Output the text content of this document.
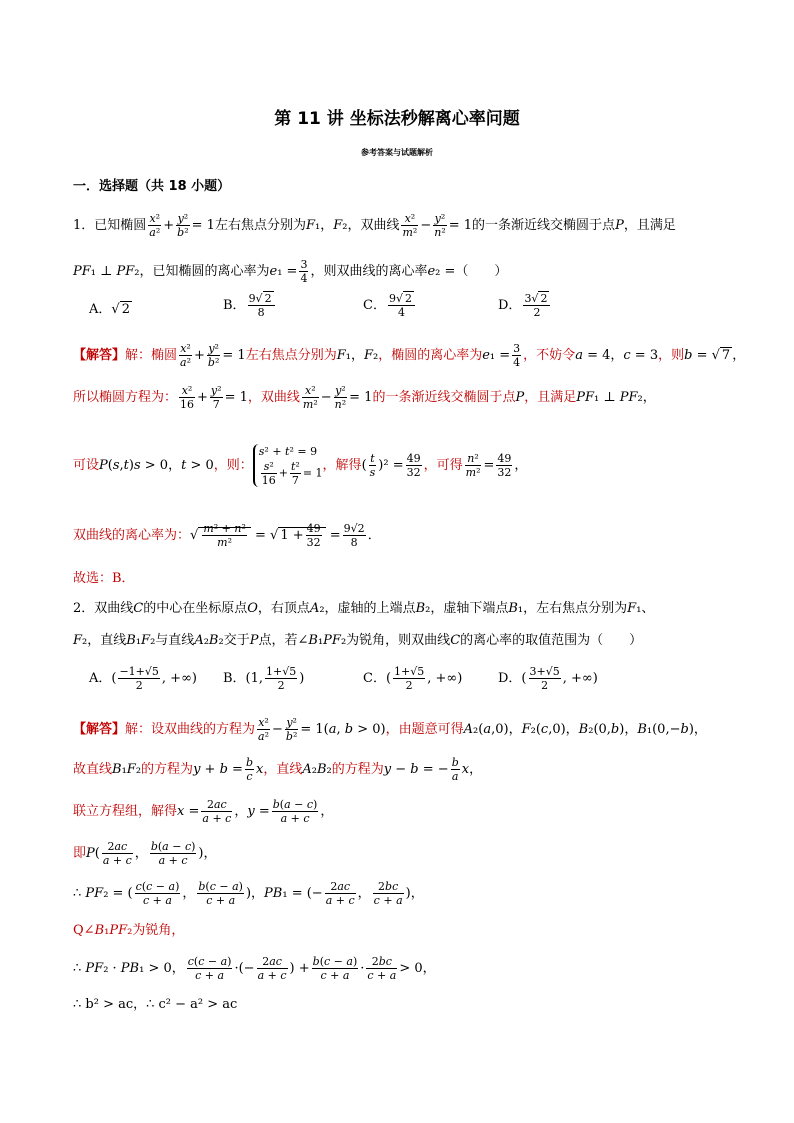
第 11 讲 坐标法秒解离心率问题
参考答案与试题解析
一．选择题（共 18 小题）
1．已知椭圆 $\frac{\text{x²}}{\text{a²}} + \frac{\text{y²}}{\text{b²}} = 1$左右焦点分别为F₁，F₂，双曲线 $\frac{\text{x²}}{\text{m²}} - \frac{\text{y²}}{\text{n²}} = 1$的一条渐近线交椭圆于点P，且满足
PF₁ ⊥ PF₂，已知椭圆的离心率为$e_1 = \frac{3}{4}$ ，则双曲线的离心率e₂ =（　　）
A．√ 2	B． $\frac{9√ 2}{8}$	C． $\frac{9√ 2}{4}$	D． $\frac{3√ 2}{2}$
【解答】解：椭圆 $\frac{\text{x²}}{\text{a²}} + \frac{\text{y²}}{\text{b²}} = 1$左右焦点分别为F₁，F₂，椭圆的离心率为$e_1 = \frac{3}{4}$ ，不妨令a = 4，c = 3，则b = √ 7 ，
所以椭圆方程为： $\frac{\text{x²}}{16} + \frac{\text{y²}}{7} = 1$，双曲线 $\frac{\text{x²}}{\text{m²}} - \frac{\text{y²}}{\text{n²}} = 1$的一条渐近线交椭圆于点P，且满足PF₁ ⊥ PF₂，
可设P(s,t)s > 0，t > 0，则：
s² + t² = 9
$\frac{\text{s²}}{16} + \frac{\text{t²}}{7} = 1$ ，解得( $\frac{t}{s} )^2 = \frac{49}{32}$ ，可得 $\frac{\text{n²}}{\text{m²}} = \frac{49}{32}$ ，
双曲线的离心率为：√ $\frac{\text{m² + n²}}{\text{m²}}$ = √ $1 + \frac{49}{32} = \frac{9√2}{8}$ ．
故选：B．
2．双曲线C的中心在坐标原点O，右顶点A₂，虚轴的上端点B₂，虚轴下端点B₁，左右焦点分别为F₁、
F₂，直线B₁F₂与直线A₂B₂交于P点，若∠B₁PF₂为锐角，则双曲线C的离心率的取值范围为（　　）
A．( $\frac{-1+√5}{2}$ , +∞) B．(1, $\frac{1+√5}{2}$ )	C．( $\frac{1+√5}{2}$ , +∞)	D．( $\frac{3+√5}{2}$ , +∞)
【解答】解：设双曲线的方程为 $\frac{\text{x²}}{\text{a²}} - \frac{\text{y²}}{\text{b²}} = 1(a$, b > 0)，由题意可得A₂(a,0)，F₂(c,0)，B₂(0,b)，B₁(0,−b)，
故直线B₁F₂的方程为$y + b = \frac{b}{c}$ x，直线A₂B₂的方程为y − b = − $\frac{b}{a}$ x，
联立方程组，解得$x = \frac{2ac}{a + c}$ ，$y = \frac{b(a - c)}{a + c}$ ，
即$P( \frac{2ac}{a + c}$ ， $\frac{b(a - c)}{a + c}$ )，
∴ PF₂ = ( $\frac{c(c - a)}{c + a}$ ， $\frac{b(c - a)}{c + a}$ )，PB₁ = (− $\frac{2ac}{a + c}$ ， $\frac{2bc}{c + a}$ )，
Q∠B₁PF₂为锐角，
∴ PF₂ · PB₁ > 0， $\frac{c(c - a)}{c + a}$ ·(− $\frac{2ac}{a + c}$ ) + $\frac{b(c - a)}{c + a} \cdot \frac{2bc}{c + a} > 0$，
∴ b² > ac，∴ c² − a² > ac
